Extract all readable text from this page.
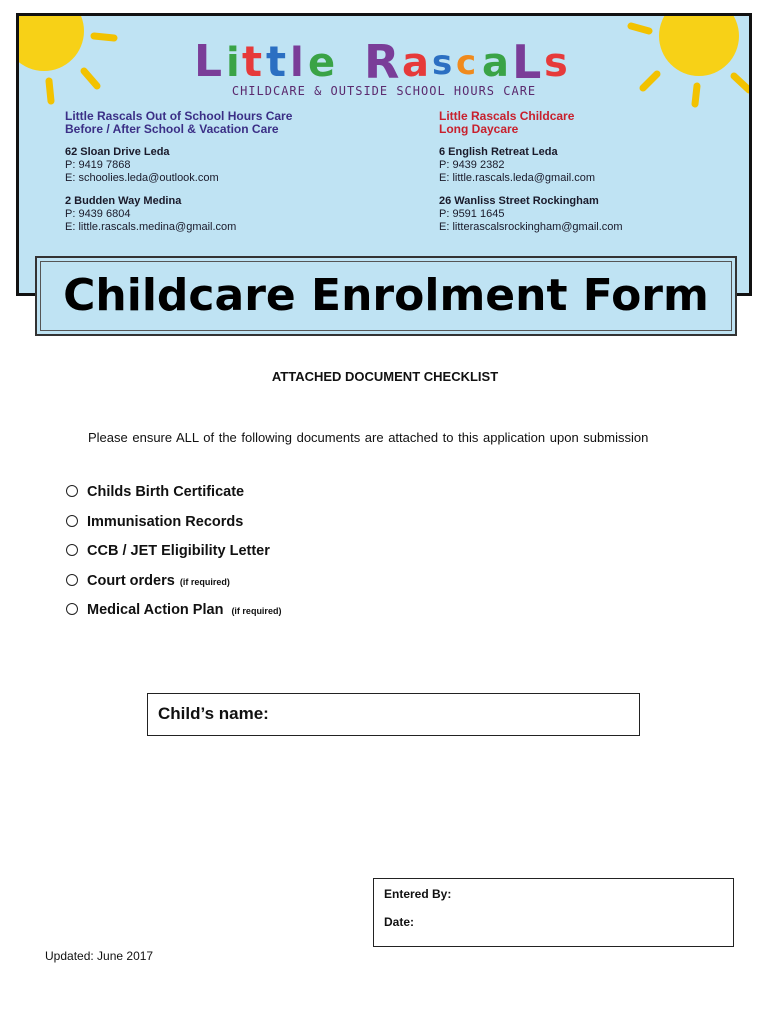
L i t t l e R a s c a L s
CHILDCARE & OUTSIDE SCHOOL HOURS CARE
Little Rascals Out of School Hours Care
Before / After School & Vacation Care
62 Sloan Drive Leda
P: 9419 7868
E: schoolies.leda@outlook.com
2 Budden Way Medina
P: 9439 6804
E: little.rascals.medina@gmail.com
Little Rascals Childcare
Long Daycare
6 English Retreat Leda
P: 9439 2382
E: little.rascals.leda@gmail.com
26 Wanliss Street Rockingham
P: 9591 1645
E: litterascalsrockingham@gmail.com
Childcare Enrolment Form
ATTACHED DOCUMENT CHECKLIST
Please ensure ALL of the following documents are attached to this application upon submission
Childs Birth Certificate
Immunisation Records
CCB / JET Eligibility Letter
Court orders (if required)
Medical Action Plan (if required)
Child’s name:
Entered By:
Date:
Updated: June 2017
